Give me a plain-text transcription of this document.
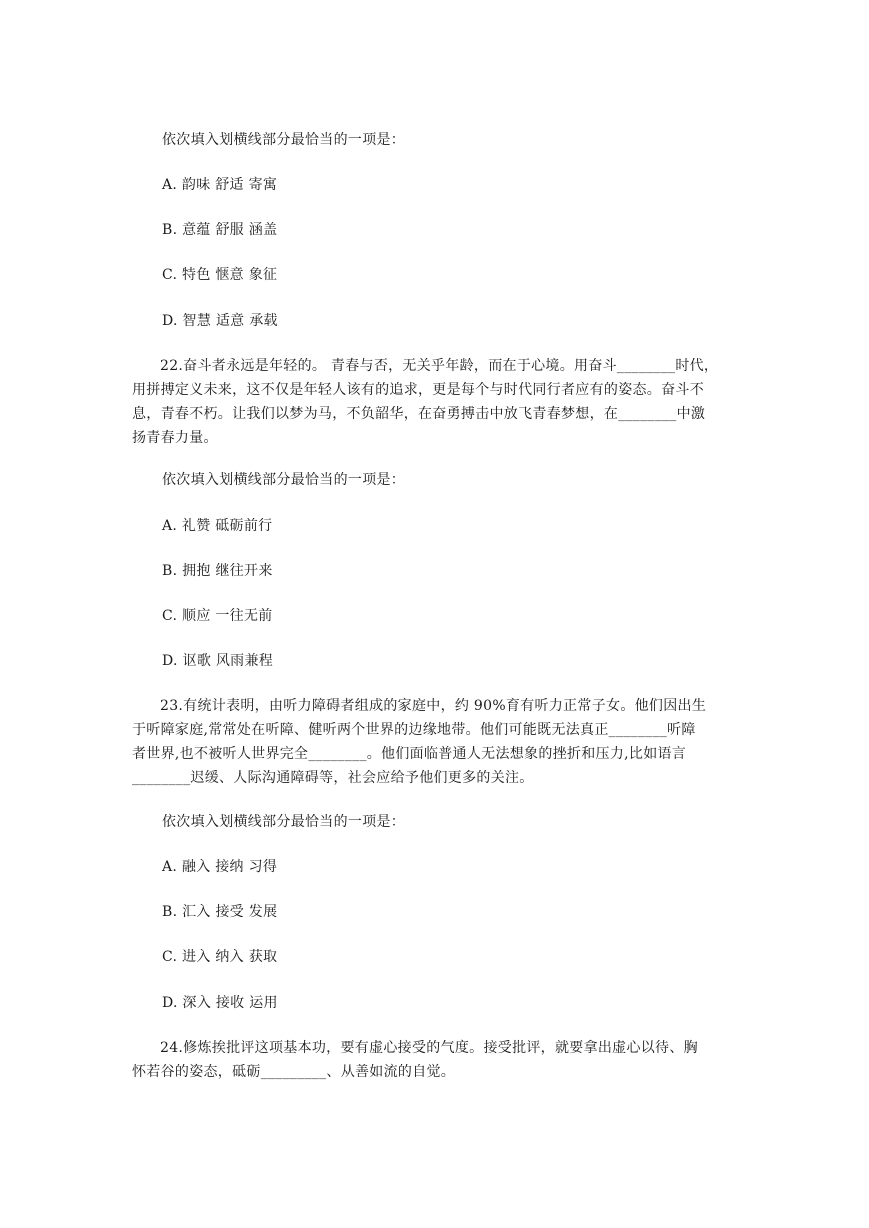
依次填入划横线部分最恰当的一项是：
A. 韵味 舒适 寄寓
B. 意蕴 舒服 涵盖
C. 特色 惬意 象征
D. 智慧 适意 承载
22.奋斗者永远是年轻的。 青春与否，无关乎年龄，而在于心境。用奋斗________时代，
用拼搏定义未来，这不仅是年轻人该有的追求，更是每个与时代同行者应有的姿态。奋斗不
息，青春不朽。让我们以梦为马，不负韶华，在奋勇搏击中放飞青春梦想，在________中激
扬青春力量。
依次填入划横线部分最恰当的一项是：
A. 礼赞 砥砺前行
B. 拥抱 继往开来
C. 顺应 一往无前
D. 讴歌 风雨兼程
23.有统计表明，由听力障碍者组成的家庭中，约 90%育有听力正常子女。他们因出生
于听障家庭,常常处在听障、健听两个世界的边缘地带。他们可能既无法真正________听障
者世界,也不被听人世界完全________。他们面临普通人无法想象的挫折和压力,比如语言
________迟缓、人际沟通障碍等，社会应给予他们更多的关注。
依次填入划横线部分最恰当的一项是：
A. 融入 接纳 习得
B. 汇入 接受 发展
C. 进入 纳入 获取
D. 深入 接收 运用
24.修炼挨批评这项基本功，要有虚心接受的气度。接受批评，就要拿出虚心以待、胸
怀若谷的姿态，砥砺_________、从善如流的自觉。
